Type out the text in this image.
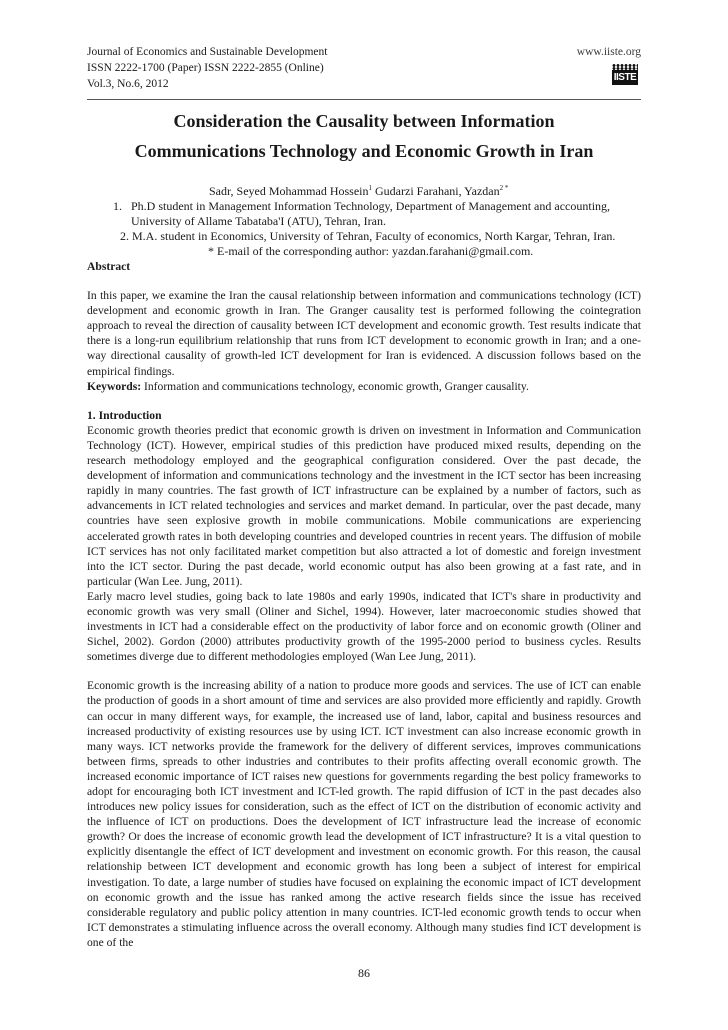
Journal of Economics and Sustainable Development
ISSN 2222-1700 (Paper) ISSN 2222-2855 (Online)
Vol.3, No.6, 2012
www.iiste.org
IISTE
Consideration the Causality between Information
Communications Technology and Economic Growth in Iran
Sadr, Seyed Mohammad Hossein$^1$ Gudarzi Farahani, Yazdan$^{2 *}$
1. Ph.D student in Management Information Technology, Department of Management and accounting,
University of Allame Tabataba'I (ATU), Tehran, Iran.
2. M.A. student in Economics, University of Tehran, Faculty of economics, North Kargar, Tehran, Iran.
* E-mail of the corresponding author: yazdan.farahani@gmail.com.

Abstract

In this paper, we examine the Iran the causal relationship between information and communications technology (ICT) development and economic growth in Iran. The Granger causality test is performed following the cointegration approach to reveal the direction of causality between ICT development and economic growth. Test results indicate that there is a long-run equilibrium relationship that runs from ICT development to economic growth in Iran; and a one-way directional causality of growth-led ICT development for Iran is evidenced. A discussion follows based on the empirical findings.

Keywords: Information and communications technology, economic growth, Granger causality.

1. Introduction

Economic growth theories predict that economic growth is driven on investment in Information and Communication Technology (ICT). However, empirical studies of this prediction have produced mixed results, depending on the research methodology employed and the geographical configuration considered. Over the past decade, the development of information and communications technology and the investment in the ICT sector has been increasing rapidly in many countries. The fast growth of ICT infrastructure can be explained by a number of factors, such as advancements in ICT related technologies and services and market demand. In particular, over the past decade, many countries have seen explosive growth in mobile communications. Mobile communications are experiencing accelerated growth rates in both developing countries and developed countries in recent years. The diffusion of mobile ICT services has not only facilitated market competition but also attracted a lot of domestic and foreign investment into the ICT sector. During the past decade, world economic output has also been growing at a fast rate, and in particular (Wan Lee. Jung, 2011).

Early macro level studies, going back to late 1980s and early 1990s, indicated that ICT's share in productivity and economic growth was very small (Oliner and Sichel, 1994). However, later macroeconomic studies showed that investments in ICT had a considerable effect on the productivity of labor force and on economic growth (Oliner and Sichel, 2002). Gordon (2000) attributes productivity growth of the 1995-2000 period to business cycles. Results sometimes diverge due to different methodologies employed (Wan Lee Jung, 2011).

Economic growth is the increasing ability of a nation to produce more goods and services. The use of ICT can enable the production of goods in a short amount of time and services are also provided more efficiently and rapidly. Growth can occur in many different ways, for example, the increased use of land, labor, capital and business resources and increased productivity of existing resources use by using ICT. ICT investment can also increase economic growth in many ways. ICT networks provide the framework for the delivery of different services, improves communications between firms, spreads to other industries and contributes to their profits affecting overall economic growth. The increased economic importance of ICT raises new questions for governments regarding the best policy frameworks to adopt for encouraging both ICT investment and ICT-led growth. The rapid diffusion of ICT in the past decades also introduces new policy issues for consideration, such as the effect of ICT on the distribution of economic activity and the influence of ICT on productions. Does the development of ICT infrastructure lead the increase of economic growth? Or does the increase of economic growth lead the development of ICT infrastructure? It is a vital question to explicitly disentangle the effect of ICT development and investment on economic growth. For this reason, the causal relationship between ICT development and economic growth has long been a subject of interest for empirical investigation. To date, a large number of studies have focused on explaining the economic impact of ICT development on economic growth and the issue has ranked among the active research fields since the issue has received considerable regulatory and public policy attention in many countries. ICT-led economic growth tends to occur when ICT demonstrates a stimulating influence across the overall economy. Although many studies find ICT development is one of the

86
